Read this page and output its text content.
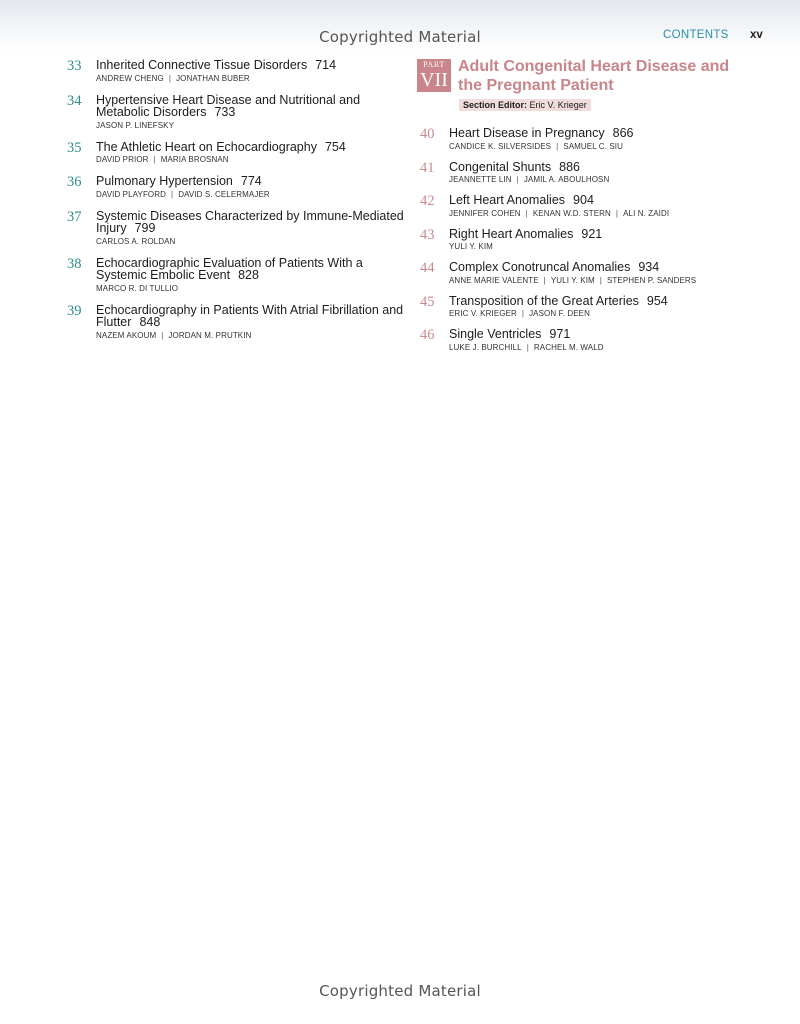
Copyrighted Material	CONTENTS xv
33	Inherited Connective Tissue Disorders 714
ANDREW CHENG | JONATHAN BUBER
34	Hypertensive Heart Disease and Nutritional and
Metabolic Disorders 733
JASON P. LINEFSKY
35	The Athletic Heart on Echocardiography 754
DAVID PRIOR | MARIA BROSNAN
36	Pulmonary Hypertension 774
DAVID PLAYFORD | DAVID S. CELERMAJER
37	Systemic Diseases Characterized by Immune-Mediated
Injury 799
CARLOS A. ROLDAN
38	Echocardiographic Evaluation of Patients With a
Systemic Embolic Event 828
MARCO R. DI TULLIO
39	Echocardiography in Patients With Atrial Fibrillation and
Flutter 848
NAZEM AKOUM | JORDAN M. PRUTKIN
PART
VII
Adult Congenital Heart Disease and
the Pregnant Patient
Section Editor: Eric V. Krieger
40	Heart Disease in Pregnancy 866
CANDICE K. SILVERSIDES | SAMUEL C. SIU
41	Congenital Shunts 886
JEANNETTE LIN | JAMIL A. ABOULHOSN
42	Left Heart Anomalies 904
JENNIFER COHEN | KENAN W.D. STERN | ALI N. ZAIDI
43	Right Heart Anomalies 921
YULI Y. KIM
44	Complex Conotruncal Anomalies 934
ANNE MARIE VALENTE | YULI Y. KIM | STEPHEN P. SANDERS
45	Transposition of the Great Arteries 954
ERIC V. KRIEGER | JASON F. DEEN
46	Single Ventricles 971
LUKE J. BURCHILL | RACHEL M. WALD
Copyrighted Material
